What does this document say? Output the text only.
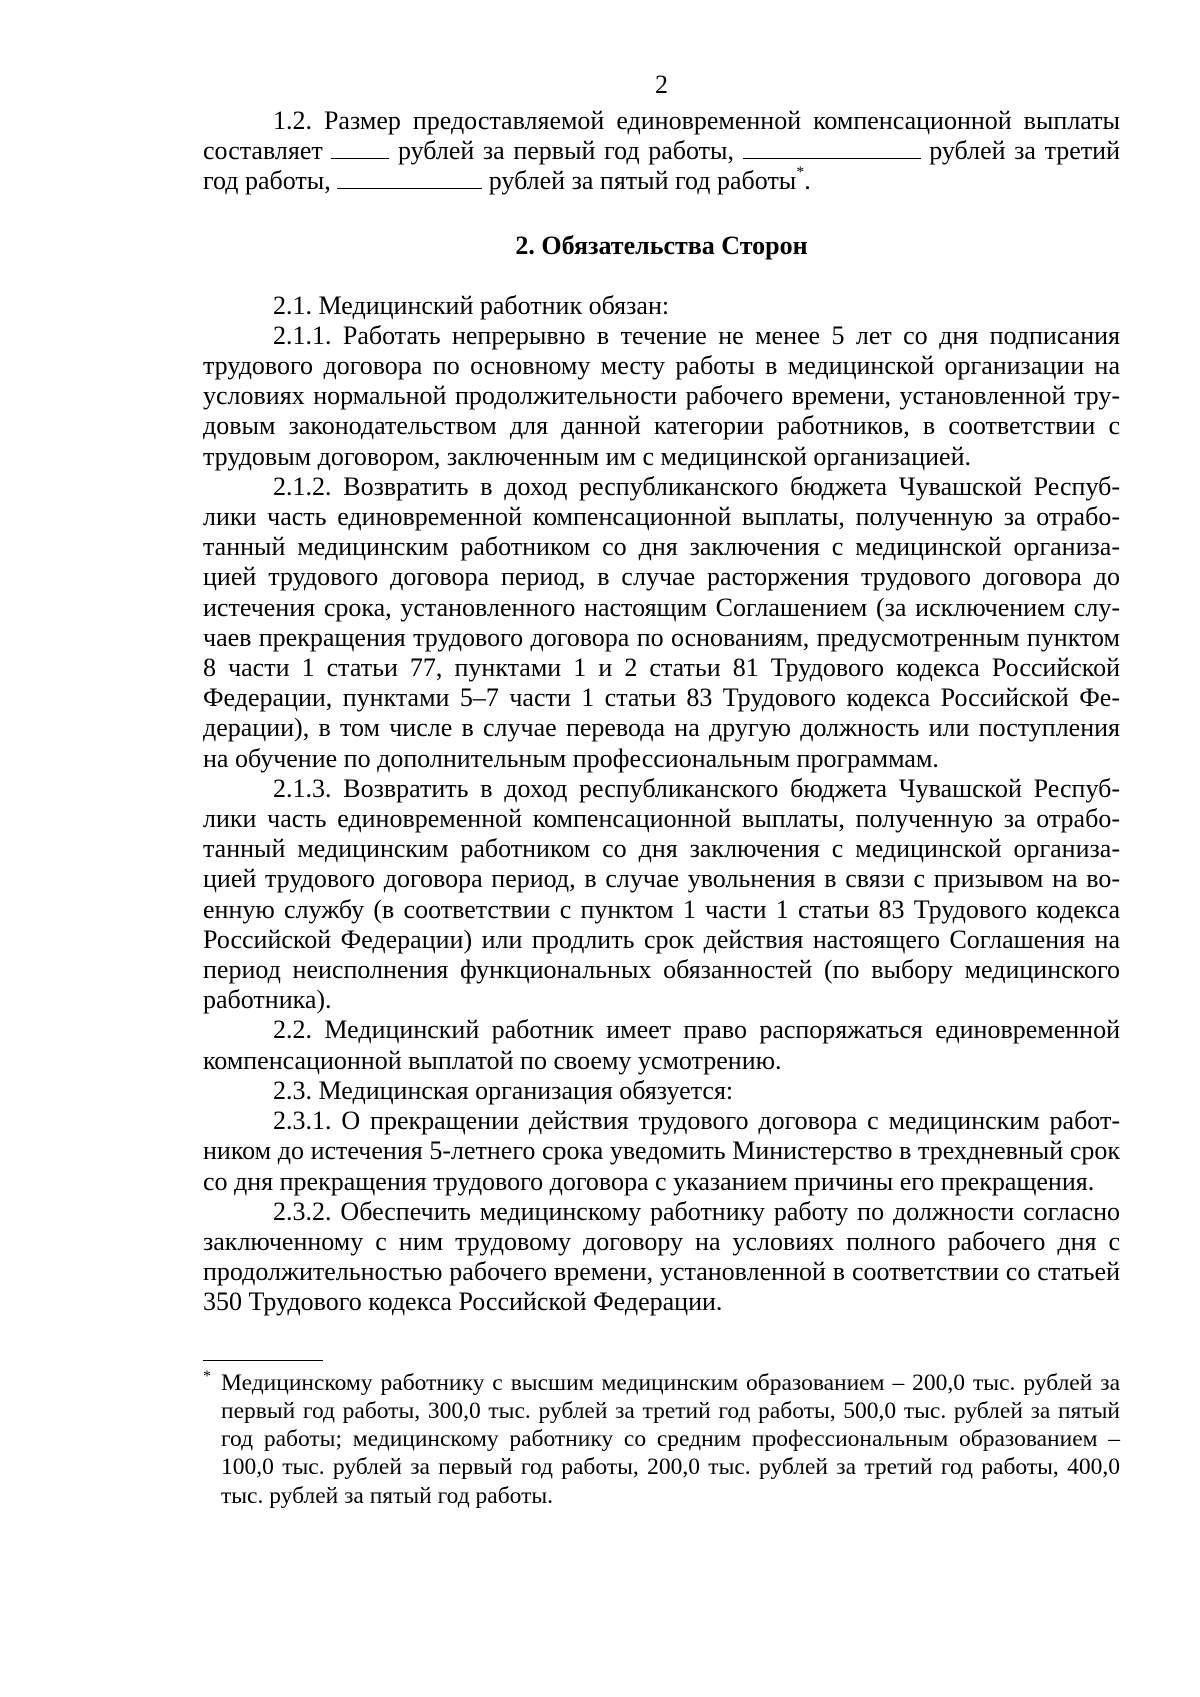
2

1.2. Размер предоставляемой единовременной компенсационной выплаты составляет  рублей за первый год работы,	рублей за третий год работы,	рублей за пятый год работы*.

2. Обязательства Сторон

2.1. Медицинский работник обязан:

2.1.1. Работать непрерывно в течение не менее 5 лет со дня подписания трудового договора по основному месту работы в медицинской организации на условиях нормальной продолжительности рабочего времени, установленной трудовым законодательством для данной категории работников, в соответствии с трудовым договором, заключенным им с медицинской организацией.

2.1.2. Возвратить в доход республиканского бюджета Чувашской Республики часть единовременной компенсационной выплаты, полученную за отработанный медицинским работником со дня заключения с медицинской организацией трудового договора период, в случае расторжения трудового договора до истечения срока, установленного настоящим Соглашением (за исключением случаев прекращения трудового договора по основаниям, предусмотренным пунктом 8 части 1 статьи 77, пунктами 1 и 2 статьи 81 Трудового кодекса Российской Федерации, пунктами 5–7 части 1 статьи 83 Трудового кодекса Российской Федерации), в том числе в случае перевода на другую должность или поступления на обучение по дополнительным профессиональным программам.

2.1.3. Возвратить в доход республиканского бюджета Чувашской Республики часть единовременной компенсационной выплаты, полученную за отработанный медицинским работником со дня заключения с медицинской организацией трудового договора период, в случае увольнения в связи с призывом на военную службу (в соответствии с пунктом 1 части 1 статьи 83 Трудового кодекса Российской Федерации) или продлить срок действия настоящего Соглашения на период неисполнения функциональных обязанностей (по выбору медицинского работника).

2.2. Медицинский работник имеет право распоряжаться единовременной компенсационной выплатой по своему усмотрению.

2.3. Медицинская организация обязуется:

2.3.1. О прекращении действия трудового договора с медицинским работником до истечения 5-летнего срока уведомить Министерство в трехдневный срок со дня прекращения трудового договора с указанием причины его прекращения.

2.3.2. Обеспечить медицинскому работнику работу по должности согласно заключенному с ним трудовому договору на условиях полного рабочего дня с продолжительностью рабочего времени, установленной в соответствии со статьей 350 Трудового кодекса Российской Федерации.

* Медицинскому работнику с высшим медицинским образованием – 200,0 тыс. рублей за первый год работы, 300,0 тыс. рублей за третий год работы, 500,0 тыс. рублей за пятый год работы; медицинскому работнику со средним профессиональным образованием – 100,0 тыс. рублей за первый год работы, 200,0 тыс. рублей за третий год работы, 400,0 тыс. рублей за пятый год работы.
